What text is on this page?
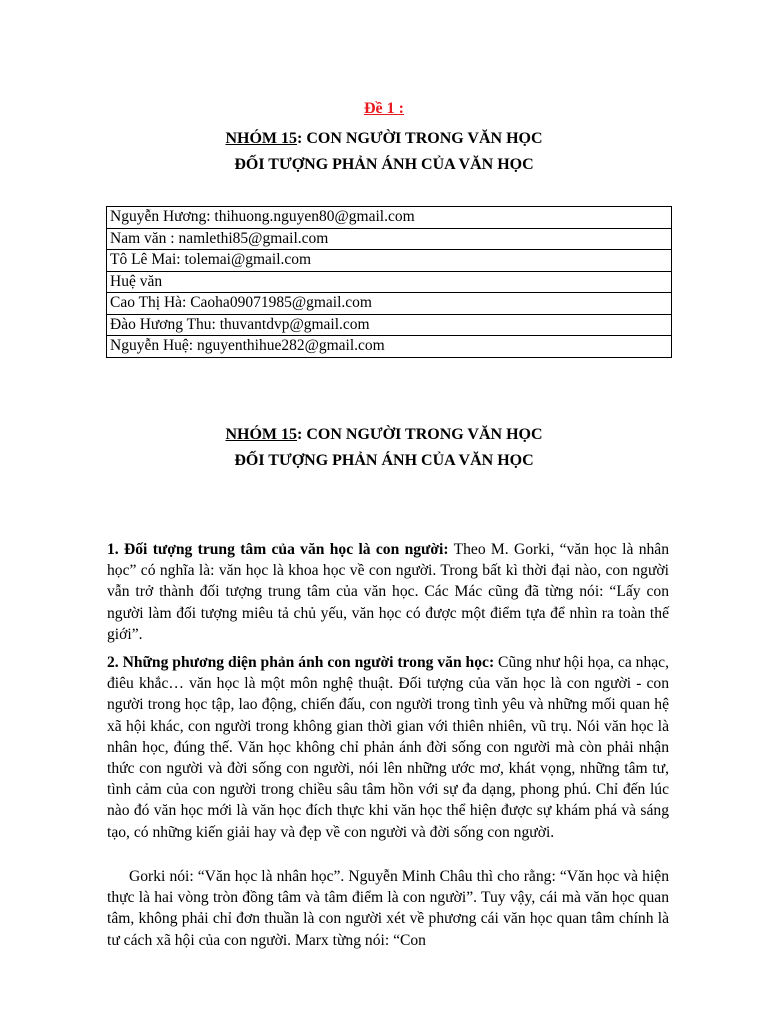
Đề 1 :
NHÓM 15: CON NGƯỜI TRONG VĂN HỌC
ĐỐI TƯỢNG PHẢN ÁNH CỦA VĂN HỌC
Nguyễn Hương: thihuong.nguyen80@gmail.com
Nam văn : namlethi85@gmail.com
Tô Lê Mai: tolemai@gmail.com
Huệ văn
Cao Thị Hà: Caoha09071985@gmail.com
Đào Hương Thu: thuvantdvp@gmail.com
Nguyễn Huệ: nguyenthihue282@gmail.com
NHÓM 15: CON NGƯỜI TRONG VĂN HỌC
ĐỐI TƯỢNG PHẢN ÁNH CỦA VĂN HỌC
1. Đối tượng trung tâm của văn học là con người: Theo M. Gorki, “văn học là nhân học” có nghĩa là: văn học là khoa học về con người. Trong bất kì thời đại nào, con người vẫn trở thành đối tượng trung tâm của văn học. Các Mác cũng đã từng nói: “Lấy con người làm đối tượng miêu tả chủ yếu, văn học có được một điểm tựa để nhìn ra toàn thế giới”.
2. Những phương diện phản ánh con người trong văn học: Cũng như hội họa, ca nhạc, điêu khắc… văn học là một môn nghệ thuật. Đối tượng của văn học là con người - con người trong học tập, lao động, chiến đấu, con người trong tình yêu và những mối quan hệ xã hội khác, con người trong không gian thời gian với thiên nhiên, vũ trụ. Nói văn học là nhân học, đúng thế. Văn học không chỉ phản ánh đời sống con người mà còn phải nhận thức con người và đời sống con người, nói lên những ước mơ, khát vọng, những tâm tư, tình cảm của con người trong chiều sâu tâm hồn với sự đa dạng, phong phú. Chỉ đến lúc nào đó văn học mới là văn học đích thực khi văn học thể hiện được sự khám phá và sáng tạo, có những kiến giải hay và đẹp về con người và đời sống con người.
Gorki nói: “Văn học là nhân học”. Nguyễn Minh Châu thì cho rằng: “Văn học và hiện thực là hai vòng tròn đồng tâm và tâm điểm là con người”. Tuy vậy, cái mà văn học quan tâm, không phải chỉ đơn thuần là con người xét về phương cái văn học quan tâm chính là tư cách xã hội của con người. Marx từng nói: “Con
